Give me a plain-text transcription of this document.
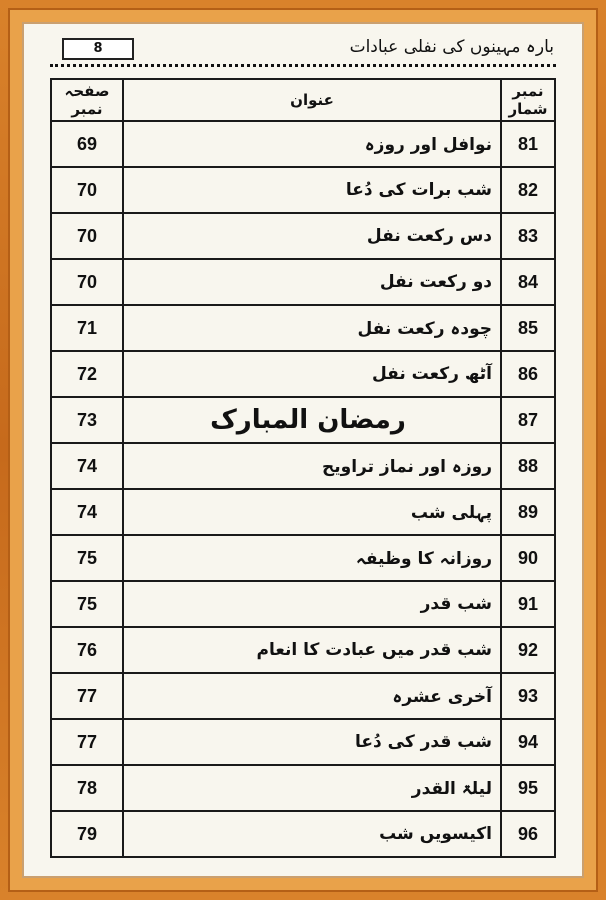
8	بارہ مہینوں کی نفلی عبادات
صفحہ نمبر	عنوان	نمبر شمار
69	نوافل اور روزہ	81
70	شب برات کی دُعا	82
70	دس رکعت نفل	83
70	دو رکعت نفل	84
71	چودہ رکعت نفل	85
72	آٹھ رکعت نفل	86
73	رمضان المبارک	87
74	روزہ اور نماز تراویح	88
74	پہلی شب	89
75	روزانہ کا وظیفہ	90
75	شب قدر	91
76	شب قدر میں عبادت کا انعام	92
77	آخری عشرہ	93
77	شب قدر کی دُعا	94
78	لیلۃ القدر	95
79	اکیسویں شب	96
